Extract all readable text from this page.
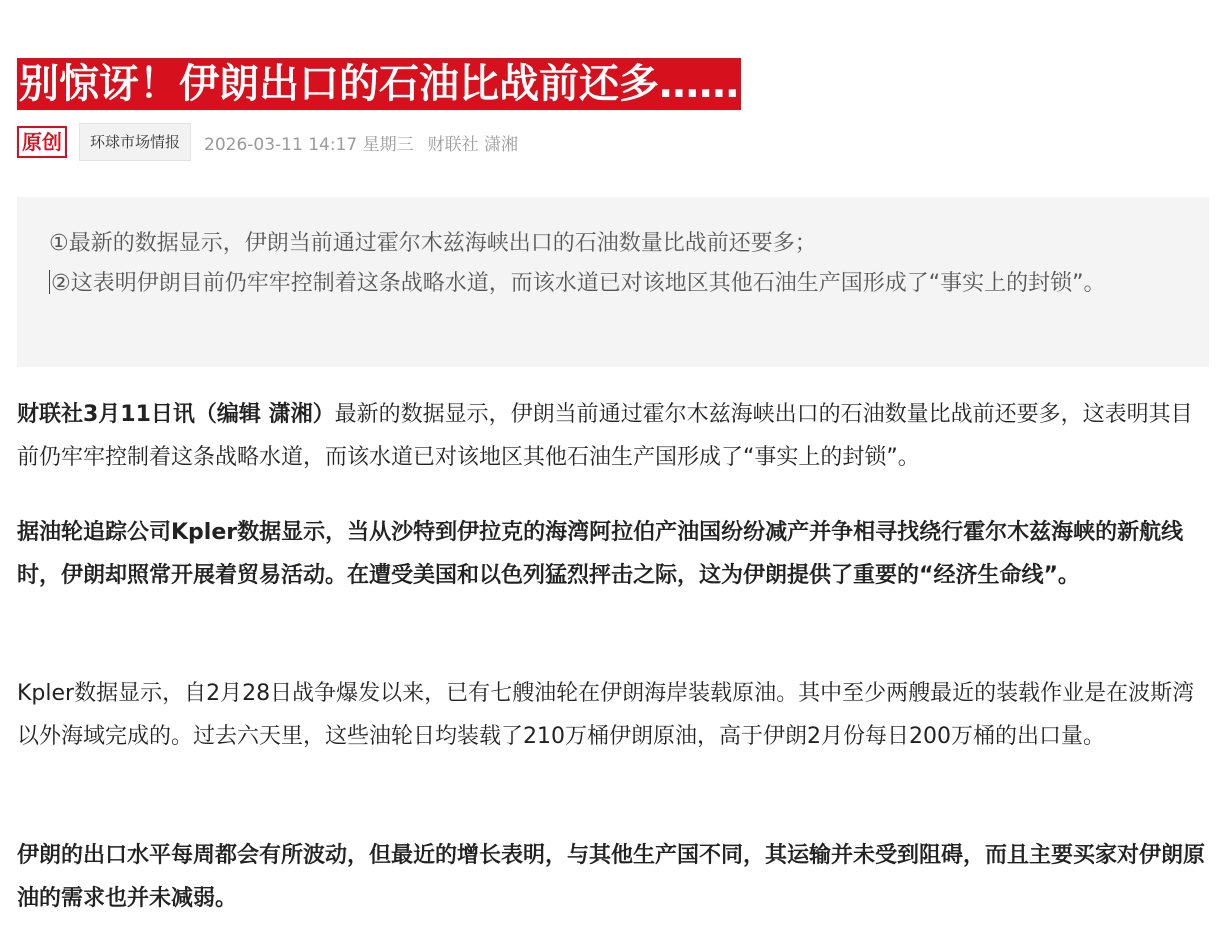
别惊讶！伊朗出口的石油比战前还多……
原创	环球市场情报	2026-03-11 14:17 星期三 财联社 潇湘

①最新的数据显示，伊朗当前通过霍尔木兹海峡出口的石油数量比战前还要多；

②这表明伊朗目前仍牢牢控制着这条战略水道，而该水道已对该地区其他石油生产国形成了“事实上的封锁”。

财联社3月11日讯（编辑 潇湘）最新的数据显示，伊朗当前通过霍尔木兹海峡出口的石油数量比战前还要多，这表明其目前仍牢牢控制着这条战略水道，而该水道已对该地区其他石油生产国形成了“事实上的封锁”。

据油轮追踪公司Kpler数据显示，当从沙特到伊拉克的海湾阿拉伯产油国纷纷减产并争相寻找绕行霍尔木兹海峡的新航线时，伊朗却照常开展着贸易活动。在遭受美国和以色列猛烈抨击之际，这为伊朗提供了重要的“经济生命线”。

Kpler数据显示，自2月28日战争爆发以来，已有七艘油轮在伊朗海岸装载原油。其中至少两艘最近的装载作业是在波斯湾以外海域完成的。过去六天里，这些油轮日均装载了210万桶伊朗原油，高于伊朗2月份每日200万桶的出口量。

伊朗的出口水平每周都会有所波动，但最近的增长表明，与其他生产国不同，其运输并未受到阻碍，而且主要买家对伊朗原油的需求也并未减弱。
